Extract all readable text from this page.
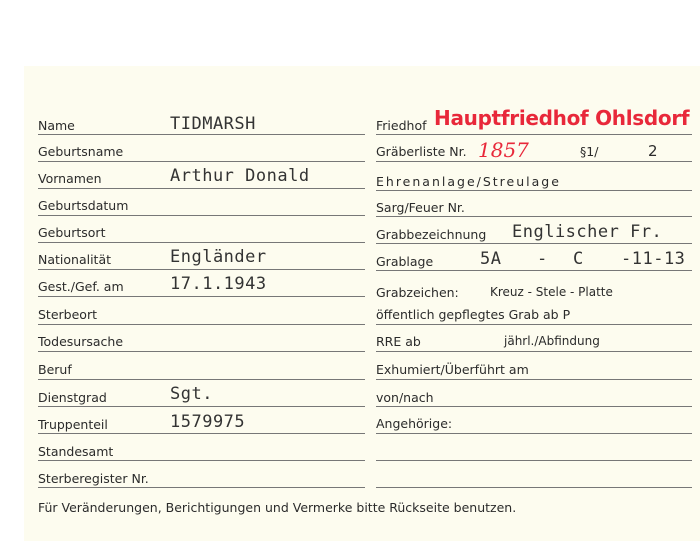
Name	TIDMARSH
Geburtsname
Vornamen	Arthur Donald
Geburtsdatum
Geburtsort
Nationalität	Engländer
Gest./Gef. am	17.1.1943
Sterbeort
Todesursache
Beruf
Dienstgrad	Sgt.
Truppenteil	1579975
Standesamt
Sterberegister Nr.
Friedhof Hauptfriedhof Ohlsdorf
Gräberliste Nr. 1857	§1/	2
Ehrenanlage/Streulage
Sarg/Feuer Nr.
Grabbezeichnung Englischer Fr.
Grablage	5A - C -11-13
Grabzeichen:	Kreuz - Stele - Platte
öffentlich gepflegtes Grab ab P
RRE ab	jährl./Abfindung
Exhumiert/Überführt am
von/nach
Angehörige:
Für Veränderungen, Berichtigungen und Vermerke bitte Rückseite benutzen.
